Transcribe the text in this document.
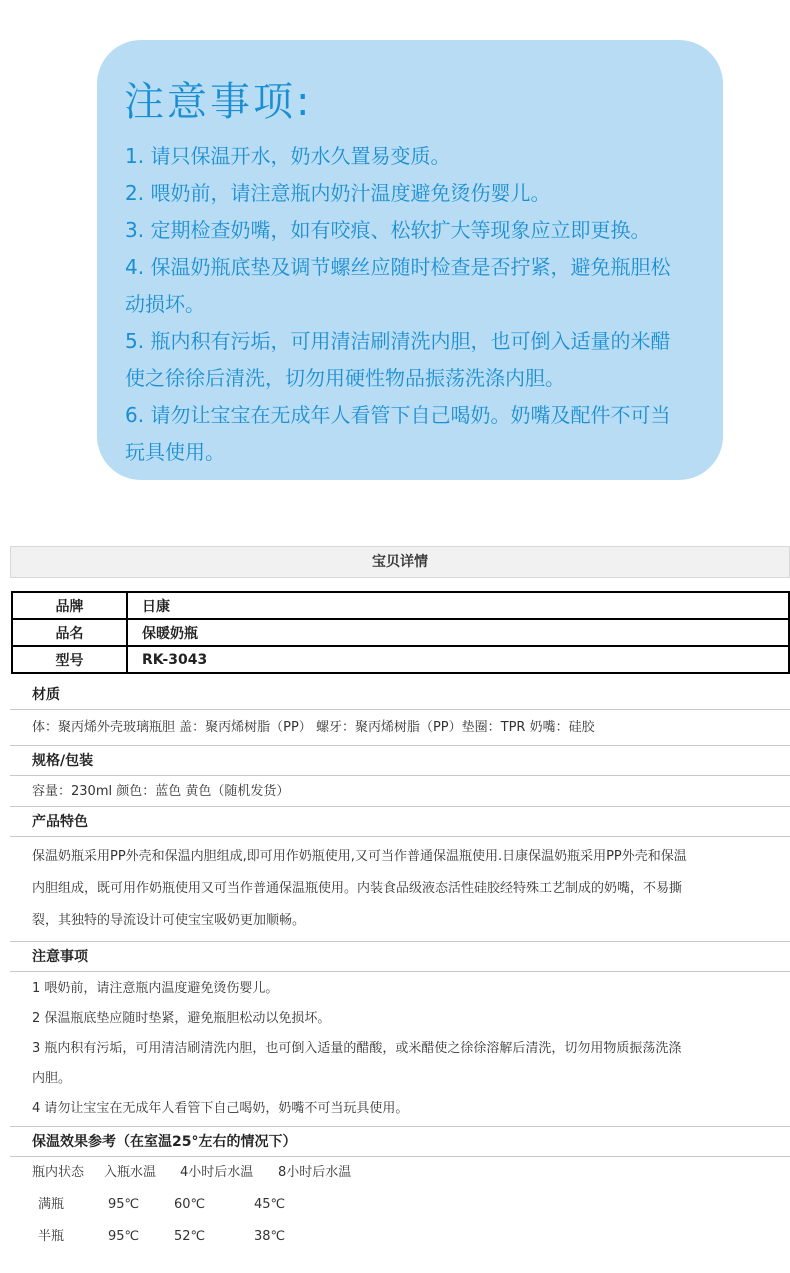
注意事项:
1. 请只保温开水，奶水久置易变质。
2. 喂奶前，请注意瓶内奶汁温度避免烫伤婴儿。
3. 定期检查奶嘴，如有咬痕、松软扩大等现象应立即更换。
4. 保温奶瓶底垫及调节螺丝应随时检查是否拧紧，避免瓶胆松
动损坏。
5. 瓶内积有污垢，可用清洁刷清洗内胆，也可倒入适量的米醋
使之徐徐后清洗，切勿用硬性物品振荡洗涤内胆。
6. 请勿让宝宝在无成年人看管下自己喝奶。奶嘴及配件不可当
玩具使用。
宝贝详情
品牌	日康
品名	保暖奶瓶
型号	RK-3043
材质
体：聚丙烯外壳玻璃瓶胆 盖：聚丙烯树脂（PP） 螺牙：聚丙烯树脂（PP）垫圈：TPR 奶嘴：硅胶
规格/包装
容量：230ml 颜色：蓝色 黄色（随机发货）
产品特色
保温奶瓶采用PP外壳和保温内胆组成,即可用作奶瓶使用,又可当作普通保温瓶使用.日康保温奶瓶采用PP外壳和保温
内胆组成，既可用作奶瓶使用又可当作普通保温瓶使用。内装食品级液态活性硅胶经特殊工艺制成的奶嘴，不易撕
裂，其独特的导流设计可使宝宝吸奶更加顺畅。
注意事项
1 喂奶前，请注意瓶内温度避免烫伤婴儿。
2 保温瓶底垫应随时垫紧，避免瓶胆松动以免损坏。
3 瓶内积有污垢，可用清洁刷清洗内胆，也可倒入适量的醋酸，或米醋使之徐徐溶解后清洗，切勿用物质振荡洗涤
内胆。
4 请勿让宝宝在无成年人看管下自己喝奶，奶嘴不可当玩具使用。
保温效果参考（在室温25°左右的情况下）
瓶内状态 入瓶水温 4小时后水温 8小时后水温
满瓶	95℃	60℃	45℃
半瓶	95℃	52℃	38℃
